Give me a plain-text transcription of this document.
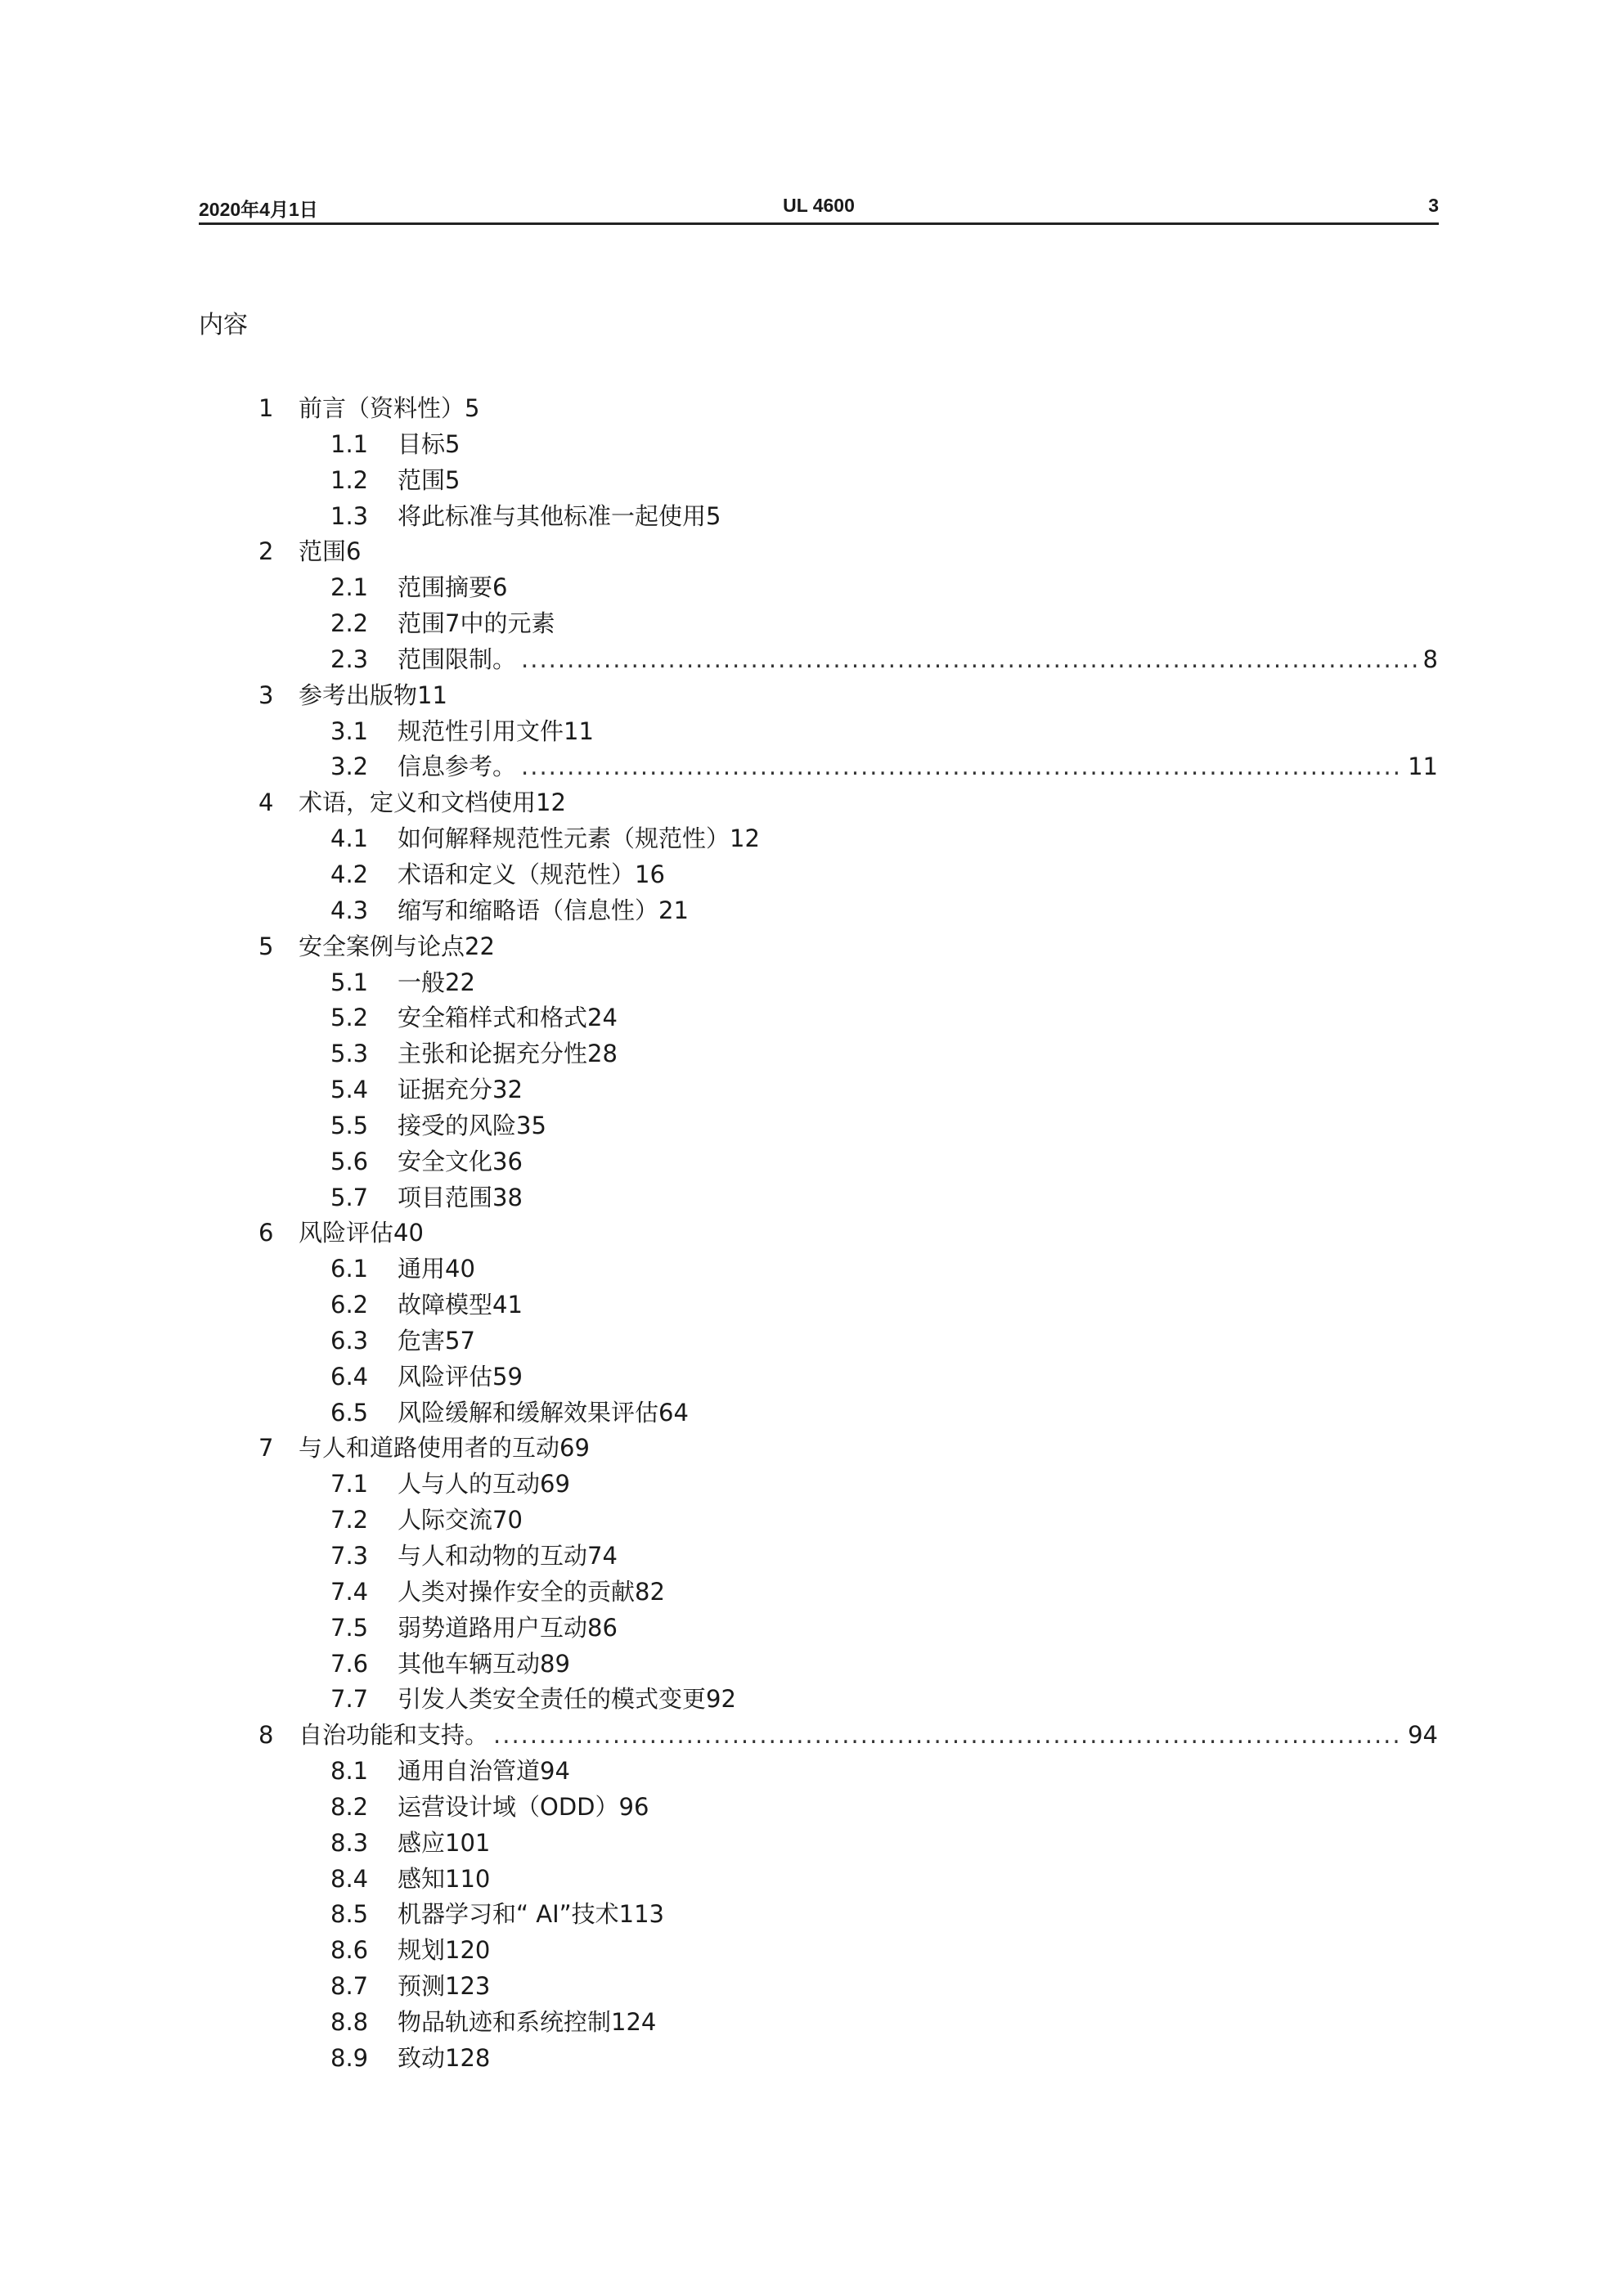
2020年4月1日	UL 4600	3
内容
1 前言（资料性）5
1.1 目标5
1.2 范围5
1.3 将此标准与其他标准一起使用5
2 范围6
2.1 范围摘要6
2.2 范围7中的元素
2.3 范围限制。 .....	8
3 参考出版物11
3.1 规范性引用文件11
3.2 信息参考。 .....	11
4 术语，定义和文档使用12
4.1 如何解释规范性元素（规范性）12
4.2 术语和定义（规范性）16
4.3 缩写和缩略语（信息性）21
5 安全案例与论点22
5.1 一般22
5.2 安全箱样式和格式24
5.3 主张和论据充分性28
5.4 证据充分32
5.5 接受的风险35
5.6 安全文化36
5.7 项目范围38
6 风险评估40
6.1 通用40
6.2 故障模型41
6.3 危害57
6.4 风险评估59
6.5 风险缓解和缓解效果评估64
7 与人和道路使用者的互动69
7.1 人与人的互动69
7.2 人际交流70
7.3 与人和动物的互动74
7.4 人类对操作安全的贡献82
7.5 弱势道路用户互动86
7.6 其他车辆互动89
7.7 引发人类安全责任的模式变更92
8 自治功能和支持。 .....	94
8.1 通用自治管道94
8.2 运营设计域（ODD）96
8.3 感应101
8.4 感知110
8.5 机器学习和“ AI”技术113
8.6 规划120
8.7 预测123
8.8 物品轨迹和系统控制124
8.9 致动128
